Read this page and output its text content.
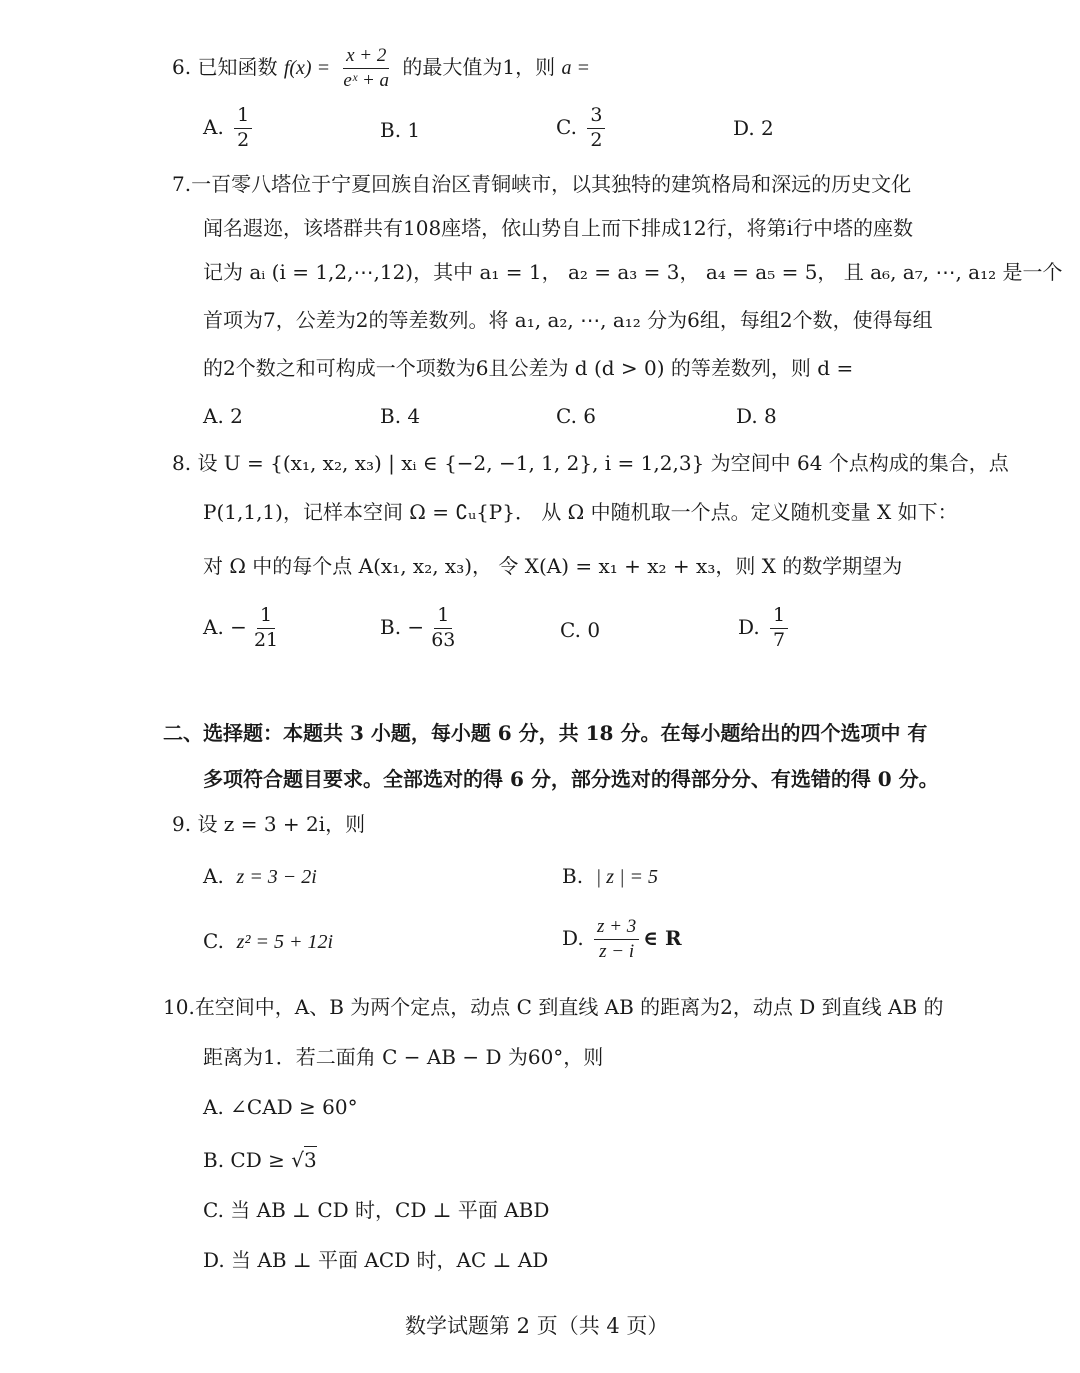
6. 已知函数 $f(x) = \frac{x + 2}{\text{eˣ + a}}$ 的最大值为1，则 a =
A. $\frac{1}{2}$	B. 1	C. $\frac{3}{2}$	D. 2
7.一百零八塔位于宁夏回族自治区青铜峡市，以其独特的建筑格局和深远的历史文化
闻名遐迩，该塔群共有108座塔，依山势自上而下排成12行，将第i行中塔的座数
记为 aᵢ (i = 1,2,⋯,12)，其中 a₁ = 1， a₂ = a₃ = 3， a₄ = a₅ = 5， 且 a₆, a₇, ⋯, a₁₂ 是一个
首项为7，公差为2的等差数列。将 a₁, a₂, ⋯, a₁₂ 分为6组，每组2个数，使得每组
的2个数之和可构成一个项数为6且公差为 d (d > 0) 的等差数列，则 d =
A. 2	B. 4	C. 6	D. 8
8. 设 U = {(x₁, x₂, x₃) | xᵢ ∈ {−2, −1, 1, 2}, i = 1,2,3} 为空间中 64 个点构成的集合，点
P(1,1,1)，记样本空间 Ω = ∁ᵤ{P}． 从 Ω 中随机取一个点。定义随机变量 X 如下：
对 Ω 中的每个点 A(x₁, x₂, x₃)， 令 X(A) = x₁ + x₂ + x₃，则 X 的数学期望为
A. − $\frac{1}{21}$	B. − $\frac{1}{63}$	C. 0	D. $\frac{1}{7}$
二、选择题：本题共 3 小题，每小题 6 分，共 18 分。在每小题给出的四个选项中 有
多项符合题目要求。全部选对的得 6 分，部分选对的得部分分、有选错的得 0 分。
9. 设 z = 3 + 2i，则
A. z = 3 − 2i	B. | z | = 5
C. z² = 5 + 12i	D. $\frac{z + 3}{z - i}$ ∈ R
10.在空间中，A、B 为两个定点，动点 C 到直线 AB 的距离为2，动点 D 到直线 AB 的
距离为1．若二面角 C − AB − D 为60°，则
A. ∠CAD ≥ 60°
B. CD ≥ √3
C. 当 AB ⊥ CD 时，CD ⊥ 平面 ABD
D. 当 AB ⊥ 平面 ACD 时，AC ⊥ AD
数学试题第 2 页（共 4 页）
